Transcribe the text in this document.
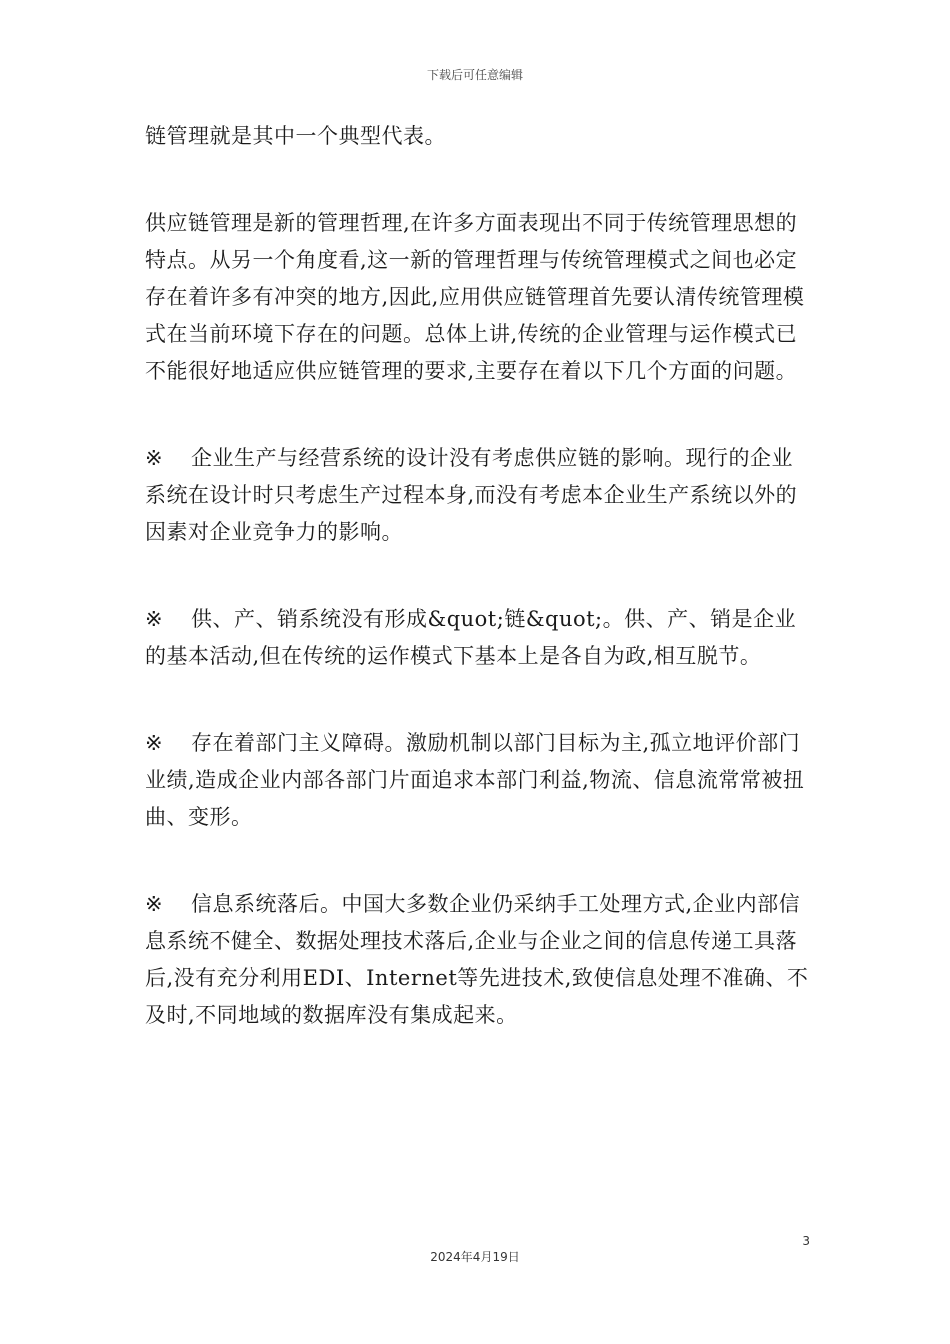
下载后可任意编辑

链管理就是其中一个典型代表。

供应链管理是新的管理哲理,在许多方面表现出不同于传统管理思想的特点。从另一个角度看,这一新的管理哲理与传统管理模式之间也必定存在着许多有冲突的地方,因此,应用供应链管理首先要认清传统管理模式在当前环境下存在的问题。总体上讲,传统的企业管理与运作模式已不能很好地适应供应链管理的要求,主要存在着以下几个方面的问题。

※ 企业生产与经营系统的设计没有考虑供应链的影响。现行的企业系统在设计时只考虑生产过程本身,而没有考虑本企业生产系统以外的因素对企业竞争力的影响。

※ 供、产、销系统没有形成&quot;链&quot;。供、产、销是企业的基本活动,但在传统的运作模式下基本上是各自为政,相互脱节。

※ 存在着部门主义障碍。激励机制以部门目标为主,孤立地评价部门业绩,造成企业内部各部门片面追求本部门利益,物流、信息流常常被扭曲、变形。

※ 信息系统落后。中国大多数企业仍采纳手工处理方式,企业内部信息系统不健全、数据处理技术落后,企业与企业之间的信息传递工具落后,没有充分利用EDI、Internet等先进技术,致使信息处理不准确、不及时,不同地域的数据库没有集成起来。

3
2024年4月19日
